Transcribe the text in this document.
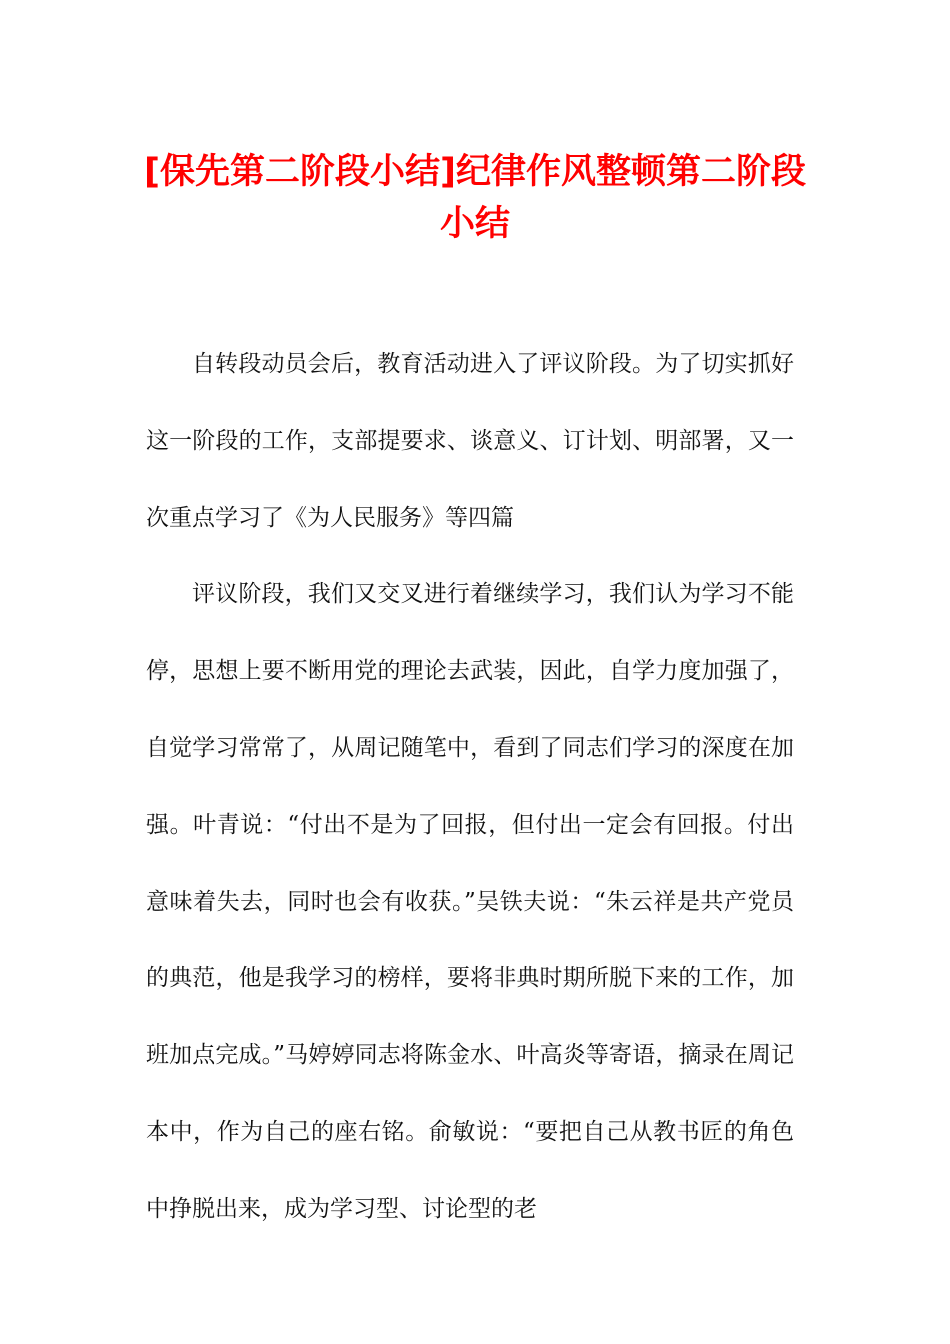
[保先第二阶段小结]纪律作风整顿第二阶段小结

自转段动员会后，教育活动进入了评议阶段。为了切实抓好这一阶段的工作，支部提要求、谈意义、订计划、明部署，又一次重点学习了《为人民服务》等四篇

评议阶段，我们又交叉进行着继续学习，我们认为学习不能停，思想上要不断用党的理论去武装，因此，自学力度加强了，自觉学习常常了，从周记随笔中，看到了同志们学习的深度在加强。叶青说：“付出不是为了回报，但付出一定会有回报。付出意味着失去，同时也会有收获。”吴铁夫说：“朱云祥是共产党员的典范，他是我学习的榜样，要将非典时期所脱下来的工作，加班加点完成。”马婷婷同志将陈金水、叶高炎等寄语，摘录在周记本中，作为自己的座右铭。俞敏说：“要把自己从教书匠的角色中挣脱出来，成为学习型、讨论型的老
